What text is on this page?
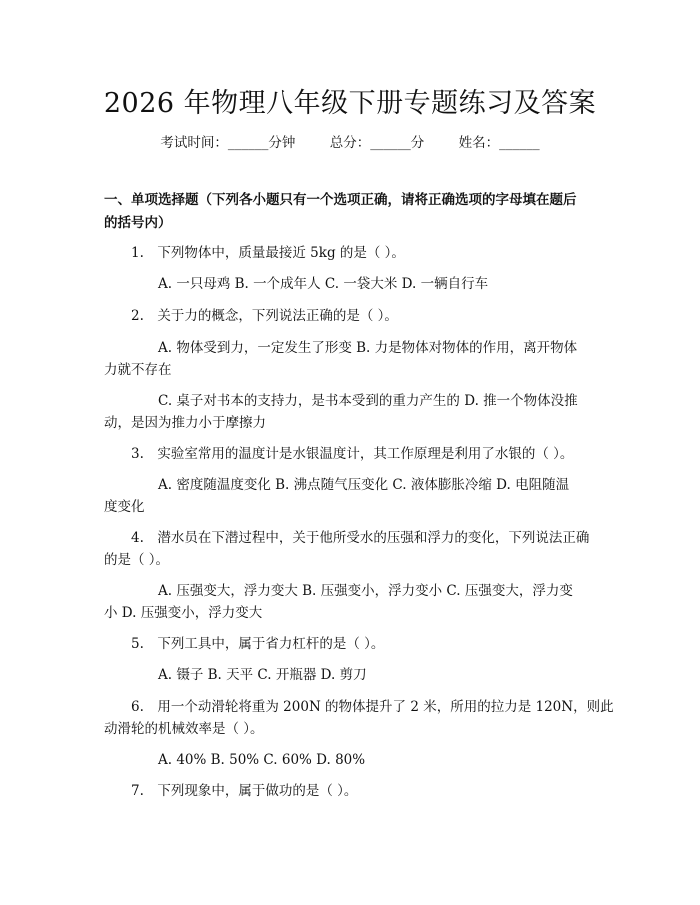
2026 年物理八年级下册专题练习及答案
考试时间：______分钟	总分：______分	姓名：______
一、单项选择题（下列各小题只有一个选项正确，请将正确选项的字母填在题后
的括号内）
1.　下列物体中，质量最接近 5kg 的是（ ）。
A. 一只母鸡 B. 一个成年人 C. 一袋大米 D. 一辆自行车
2.　关于力的概念，下列说法正确的是（ ）。
A. 物体受到力，一定发生了形变 B. 力是物体对物体的作用，离开物体
力就不存在
C. 桌子对书本的支持力，是书本受到的重力产生的 D. 推一个物体没推
动，是因为推力小于摩擦力
3.　实验室常用的温度计是水银温度计，其工作原理是利用了水银的（ ）。
A. 密度随温度变化 B. 沸点随气压变化 C. 液体膨胀冷缩 D. 电阻随温
度变化
4.　潜水员在下潜过程中，关于他所受水的压强和浮力的变化，下列说法正确
的是（ ）。
A. 压强变大，浮力变大 B. 压强变小，浮力变小 C. 压强变大，浮力变
小 D. 压强变小，浮力变大
5.　下列工具中，属于省力杠杆的是（ ）。
A. 镊子 B. 天平 C. 开瓶器 D. 剪刀
6.　用一个动滑轮将重为 200N 的物体提升了 2 米，所用的拉力是 120N，则此
动滑轮的机械效率是（ ）。
A. 40% B. 50% C. 60% D. 80%
7.　下列现象中，属于做功的是（ ）。
